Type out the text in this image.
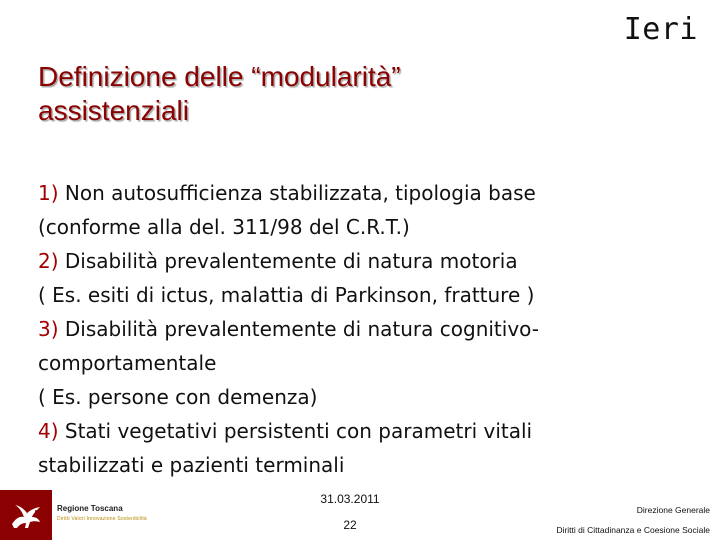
Ieri
Definizione delle “modularità”
assistenziali

1) Non autosufficienza stabilizzata, tipologia base

(conforme alla del. 311/98 del C.R.T.)

2) Disabilità prevalentemente di natura motoria

( Es. esiti di ictus, malattia di Parkinson, fratture )

3) Disabilità prevalentemente di natura cognitivo-

comportamentale

( Es. persone con demenza)

4) Stati vegetativi persistenti con parametri vitali

stabilizzati e pazienti terminali

Regione Toscana
Diritti Valori Innovazione Sostenibilità
31.03.2011
22
Direzione Generale
Diritti di Cittadinanza e Coesione Sociale
